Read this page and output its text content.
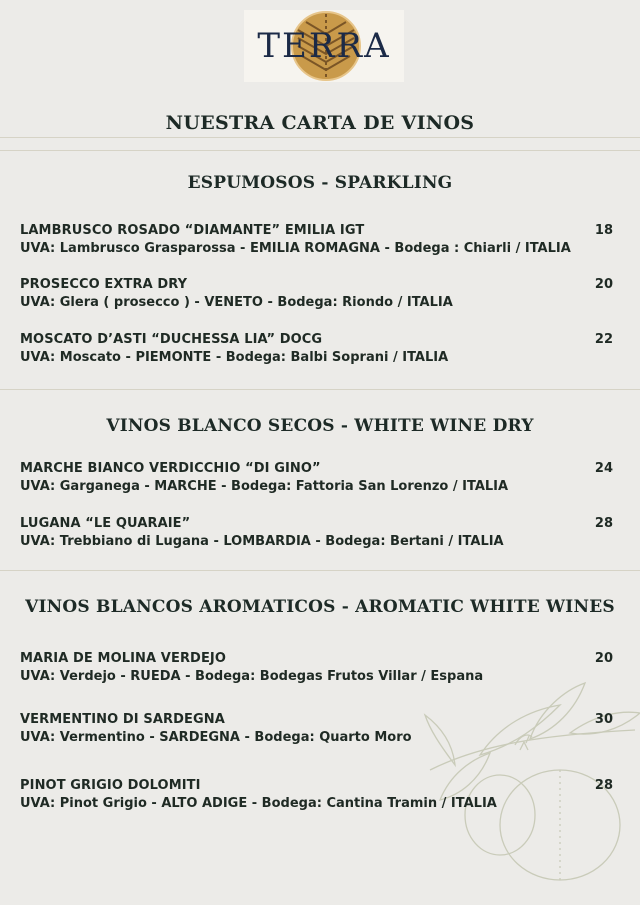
TERRA
NUESTRA CARTA DE VINOS
ESPUMOSOS - SPARKLING
LAMBRUSCO ROSADO “DIAMANTE” EMILIA IGT
UVA: Lambrusco Grasparossa - EMILIA ROMAGNA - Bodega : Chiarli / ITALIA
18
PROSECCO EXTRA DRY
UVA: Glera ( prosecco ) - VENETO - Bodega: Riondo / ITALIA
20
MOSCATO D’ASTI “DUCHESSA LIA” DOCG
UVA: Moscato - PIEMONTE - Bodega: Balbi Soprani / ITALIA
22
VINOS BLANCO SECOS - WHITE WINE DRY
MARCHE BIANCO VERDICCHIO “DI GINO”
UVA: Garganega - MARCHE - Bodega: Fattoria San Lorenzo / ITALIA
24
LUGANA “LE QUARAIE”
UVA: Trebbiano di Lugana - LOMBARDIA - Bodega: Bertani / ITALIA
28
VINOS BLANCOS AROMATICOS - AROMATIC WHITE WINES
MARIA DE MOLINA VERDEJO
UVA: Verdejo - RUEDA - Bodega: Bodegas Frutos Villar / Espana
20
VERMENTINO DI SARDEGNA
UVA: Vermentino - SARDEGNA - Bodega: Quarto Moro
30
PINOT GRIGIO DOLOMITI
UVA: Pinot Grigio - ALTO ADIGE - Bodega: Cantina Tramin / ITALIA
28
